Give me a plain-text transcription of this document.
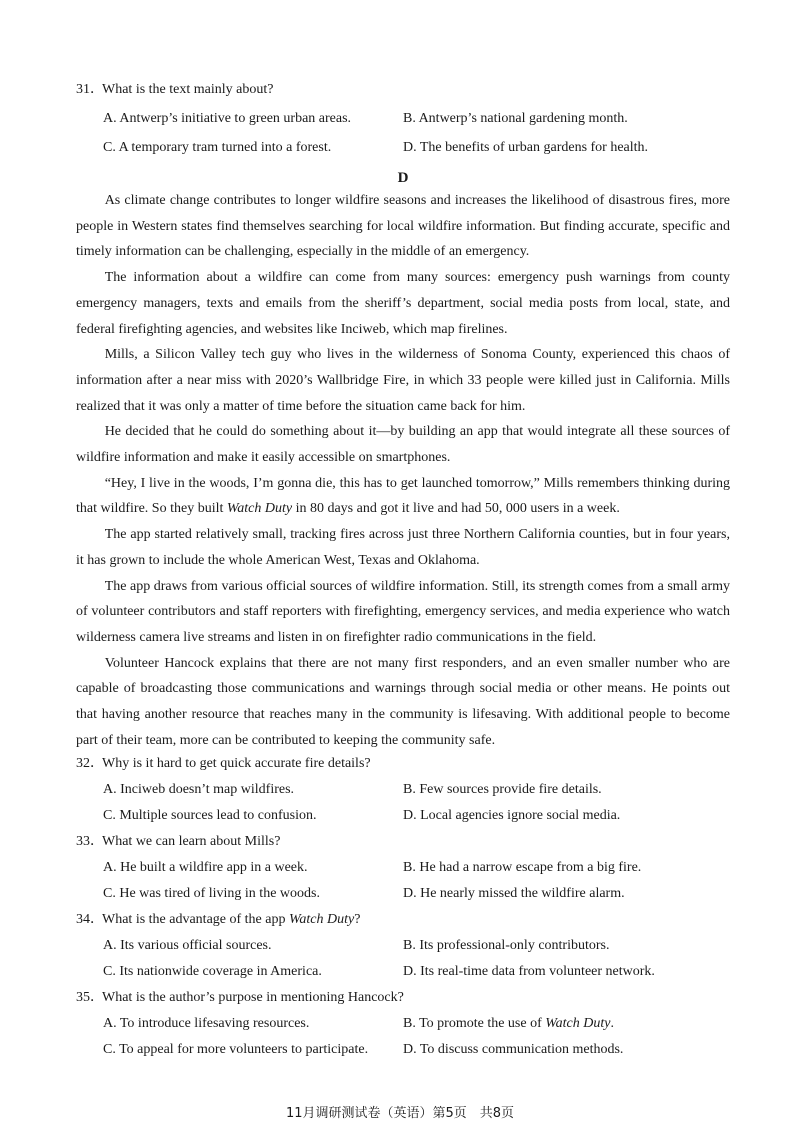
31．What is the text mainly about?

A. Antwerp’s initiative to green urban areas.	B. Antwerp’s national gardening month.
C. A temporary tram turned into a forest.	D. The benefits of urban gardens for health.
D

As climate change contributes to longer wildfire seasons and increases the likelihood of disastrous fires, more people in Western states find themselves searching for local wildfire information. But finding accurate, specific and timely information can be challenging, especially in the middle of an emergency.

The information about a wildfire can come from many sources: emergency push warnings from county emergency managers, texts and emails from the sheriff’s department, social media posts from local, state, and federal firefighting agencies, and websites like Inciweb, which map firelines.

Mills, a Silicon Valley tech guy who lives in the wilderness of Sonoma County, experienced this chaos of information after a near miss with 2020’s Wallbridge Fire, in which 33 people were killed just in California. Mills realized that it was only a matter of time before the situation came back for him.

He decided that he could do something about it—by building an app that would integrate all these sources of wildfire information and make it easily accessible on smartphones.

“Hey, I live in the woods, I’m gonna die, this has to get launched tomorrow,” Mills remembers thinking during that wildfire. So they built Watch Duty in 80 days and got it live and had 50, 000 users in a week.

The app started relatively small, tracking fires across just three Northern California counties, but in four years, it has grown to include the whole American West, Texas and Oklahoma.

The app draws from various official sources of wildfire information. Still, its strength comes from a small army of volunteer contributors and staff reporters with firefighting, emergency services, and media experience who watch wilderness camera live streams and listen in on firefighter radio communications in the field.

Volunteer Hancock explains that there are not many first responders, and an even smaller number who are capable of broadcasting those communications and warnings through social media or other means. He points out that having another resource that reaches many in the community is lifesaving. With additional people to become part of their team, more can be contributed to keeping the community safe.

32．Why is it hard to get quick accurate fire details?

A. Inciweb doesn’t map wildfires.	B. Few sources provide fire details.
C. Multiple sources lead to confusion.	D. Local agencies ignore social media.

33．What we can learn about Mills?

A. He built a wildfire app in a week.	B. He had a narrow escape from a big fire.
C. He was tired of living in the woods.	D. He nearly missed the wildfire alarm.

34．What is the advantage of the app Watch Duty?

A. Its various official sources.	B. Its professional-only contributors.
C. Its nationwide coverage in America.	D. Its real-time data from volunteer network.

35．What is the author’s purpose in mentioning Hancock?

A. To introduce lifesaving resources.	B. To promote the use of Watch Duty.
C. To appeal for more volunteers to participate.	D. To discuss communication methods.
11月调研测试卷（英语）第5页　共8页
